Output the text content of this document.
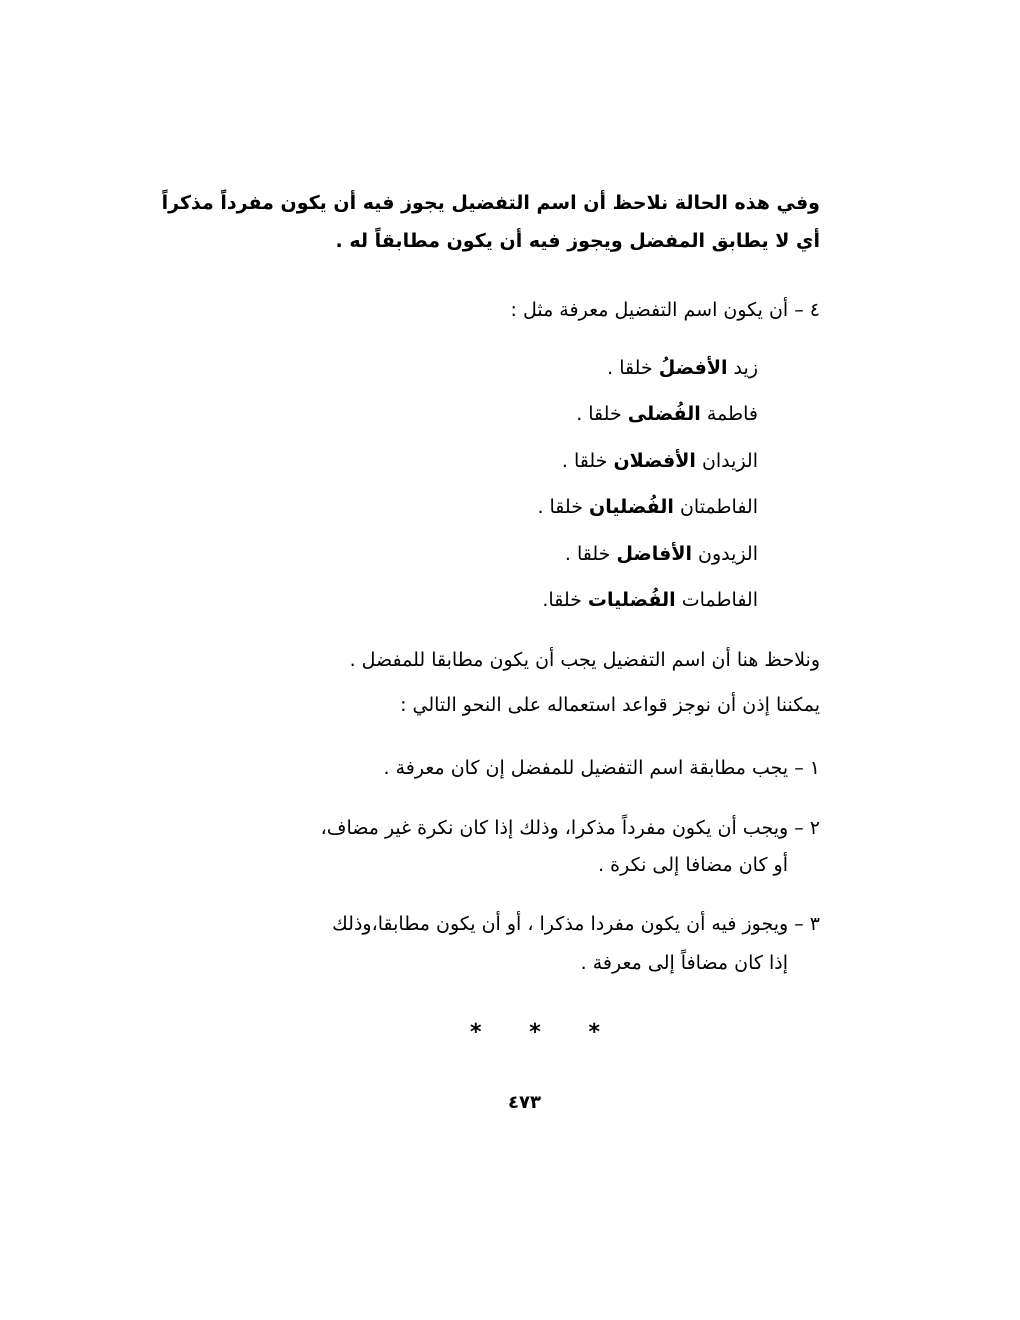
وفي هذه الحالة نلاحظ أن اسم التفضيل يجوز فيه أن يكون مفرداً مذكراً
أي لا يطابق المفضل ويجوز فيه أن يكون مطابقاً له .
٤ – أن يكون اسم التفضيل معرفة مثل :
زيد الأفضلُ خلقا .
فاطمة الفُضلى خلقا .
الزيدان الأفضلان خلقا .
الفاطمتان الفُضليان خلقا .
الزيدون الأفاضل خلقا .
الفاطمات الفُضليات خلقا.
ونلاحظ هنا أن اسم التفضيل يجب أن يكون مطابقا للمفضل .
يمكننا إذن أن نوجز قواعد استعماله على النحو التالي :
١ – يجب مطابقة اسم التفضيل للمفضل إن كان معرفة .
٢ – ويجب أن يكون مفرداً مذكرا، وذلك إذا كان نكرة غير مضاف،
أو كان مضافا إلى نكرة .
٣ – ويجوز فيه أن يكون مفردا مذكرا ، أو أن يكون مطابقا،وذلك
إذا كان مضافاً إلى معرفة .
* * *
٤٧٣
